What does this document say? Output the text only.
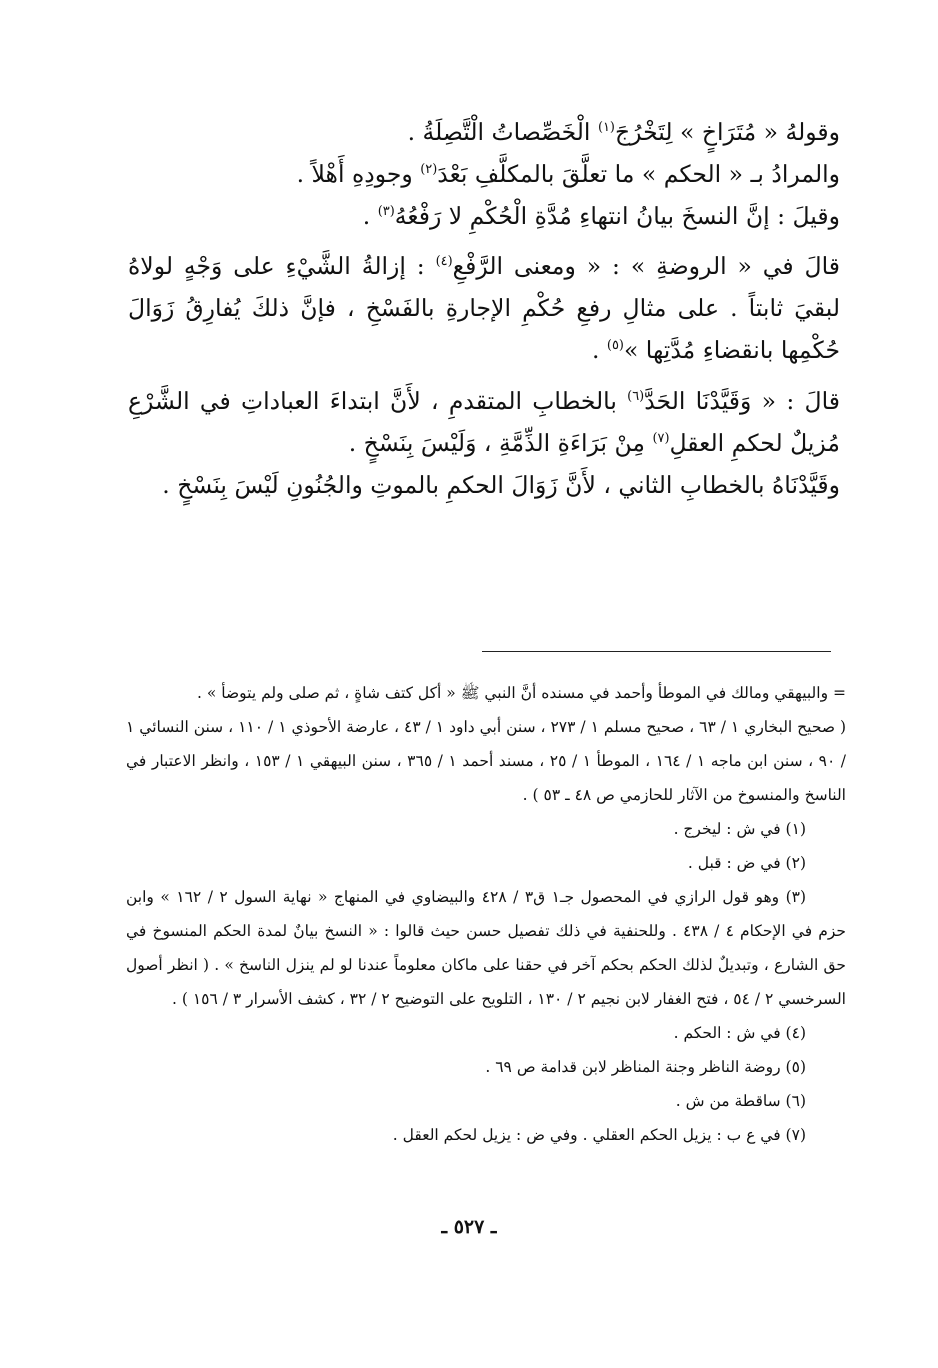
وقولهُ « مُتَرَاخٍ » لِتَخْرُجَ$^{(١)}$ الْخَصِّصاتُ الْتَّصِلَةُ .

والمرادُ بـ « الحكم » ما تعلَّقَ بالمكلَّفِ بَعْدَ$^{(٢)}$ وجودِهِ أَهْلاً .

وقيلَ : إنَّ النسخَ بيانُ انتهاءِ مُدَّةِ الْحُكْمِ لا رَفْعُهُ$^{(٣)}$ .

قالَ في « الروضةِ » : « ومعنى الرَّفْعِ$^{(٤)}$ : إزالةُ الشَّيْءِ على وَجْهٍ لولاهُ لبقيَ ثابتاً . على مثالِ رفعِ حُكْمِ الإجارةِ بالفَسْخِ ، فإنَّ ذلكَ يُفارِقُ زَوَالَ حُكْمِها بانقضاءِ مُدَّتِها »$^{(٥)}$ .

قالَ : « وَقَيَّدْنَا الحَدَّ$^{(٦)}$ بالخطابِ المتقدمِ ، لأَنَّ ابتداءَ العباداتِ في الشَّرْعِ مُزيلٌ لحكمِ العقلِ$^{(٧)}$ مِنْ بَرَاءَةِ الذِّمَّةِ ، وَلَيْسَ بِنَسْخٍ .

وقَيَّدْنَاهُ بالخطابِ الثاني ، لأَنَّ زَوَالَ الحكمِ بالموتِ والجُنُونِ لَيْسَ بِنَسْخٍ .

= والبيهقي ومالك في الموطأ وأحمد في مسنده أنَّ النبي ﷺ « أكل كتف شاةٍ ، ثم صلى ولم يتوضأ » .

( صحيح البخاري ١ / ٦٣ ، صحيح مسلم ١ / ٢٧٣ ، سنن أبي داود ١ / ٤٣ ، عارضة الأحوذي ١ / ١١٠ ، سنن النسائي ١ / ٩٠ ، سنن ابن ماجه ١ / ١٦٤ ، الموطأ ١ / ٢٥ ، مسند أحمد ١ / ٣٦٥ ، سنن البيهقي ١ / ١٥٣ ، وانظر الاعتبار في الناسخ والمنسوخ من الآثار للحازمي ص ٤٨ ـ ٥٣ ) .

(١) في ش : ليخرج .

(٢) في ض : قبل .

(٣) وهو قول الرازي في المحصول جـ١ ق٣ / ٤٢٨ والبيضاوي في المنهاج « نهاية السول ٢ / ١٦٢ » وابن حزم في الإحكام ٤ / ٤٣٨ . وللحنفية في ذلك تفصيل حسن حيث قالوا : « النسخ بيانٌ لمدة الحكم المنسوخ في حق الشارع ، وتبديلٌ لذلك الحكم بحكم آخر في حقنا على ماكان معلوماً عندنا لو لم ينزل الناسخ » . ( انظر أصول السرخسي ٢ / ٥٤ ، فتح الغفار لابن نجيم ٢ / ١٣٠ ، التلويح على التوضيح ٢ / ٣٢ ، كشف الأسرار ٣ / ١٥٦ ) .

(٤) في ش : الحكم .

(٥) روضة الناظر وجنة المناظر لابن قدامة ص ٦٩ .

(٦) ساقطة من ش .

(٧) في ع ب : يزيل الحكم العقلي . وفي ض : يزيل لحكم العقل .

ـ ٥٢٧ ـ
